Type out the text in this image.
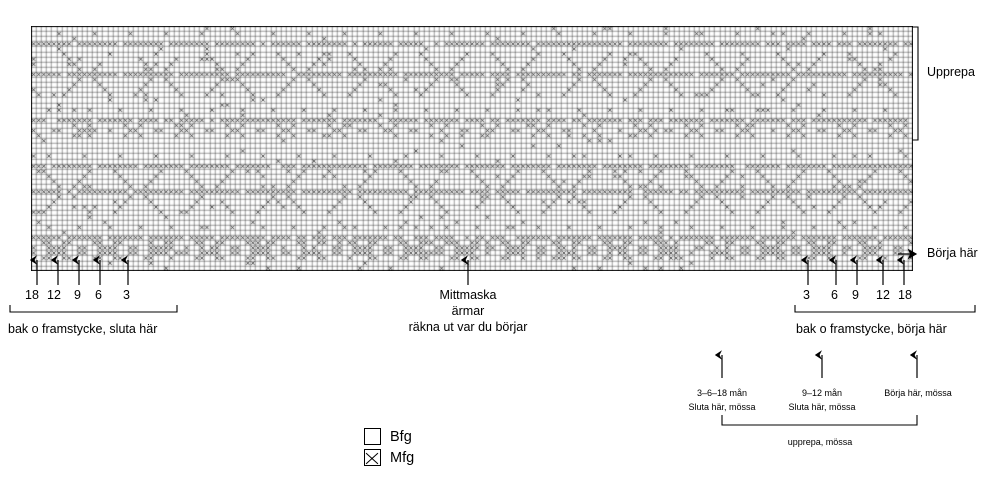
Upprepa
Börja här
18 12 9 6 3
bak o framstycke, sluta här
Mittmaska
ärmar
räkna ut var du börjar
3 6 9 12 18
bak o framstycke, börja här
3–6–18 mån
Sluta här, mössa
9–12 mån
Sluta här, mössa
Börja här, mössa
upprepa, mössa
Bfg
Mfg
